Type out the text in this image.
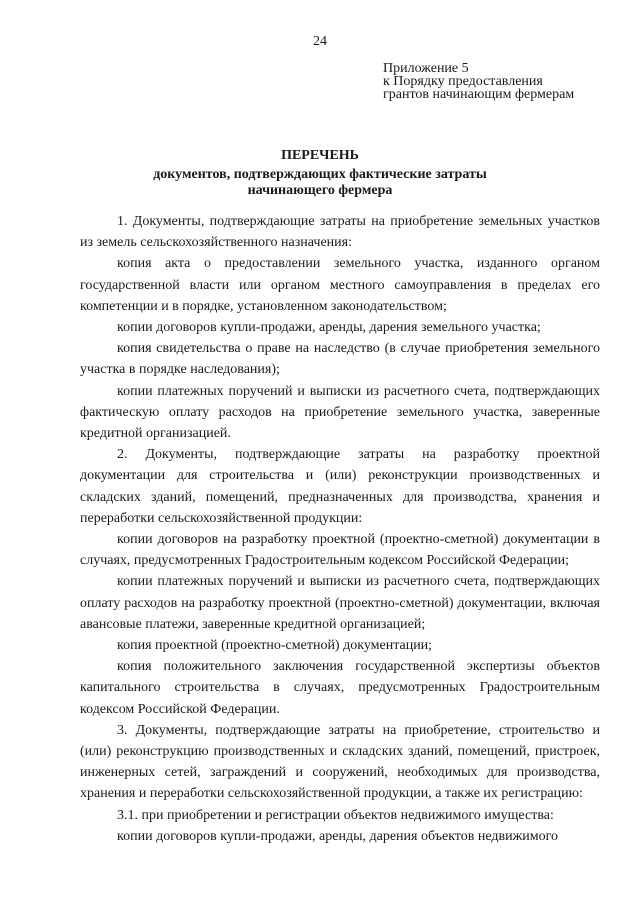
24
Приложение 5
к Порядку предоставления
грантов начинающим фермерам
ПЕРЕЧЕНЬ
документов, подтверждающих фактические затраты
начинающего фермера

1. Документы, подтверждающие затраты на приобретение земельных участков из земель сельскохозяйственного назначения:

копия акта о предоставлении земельного участка, изданного органом государственной власти или органом местного самоуправления в пределах его компетенции и в порядке, установленном законодательством;

копии договоров купли-продажи, аренды, дарения земельного участка;

копия свидетельства о праве на наследство (в случае приобретения земельного участка в порядке наследования);

копии платежных поручений и выписки из расчетного счета, подтверждающих фактическую оплату расходов на приобретение земельного участка, заверенные кредитной организацией.

2. Документы, подтверждающие затраты на разработку проектной документации для строительства и (или) реконструкции производственных и складских зданий, помещений, предназначенных для производства, хранения и переработки сельскохозяйственной продукции:

копии договоров на разработку проектной (проектно-сметной) документации в случаях, предусмотренных Градостроительным кодексом Российской Федерации;

копии платежных поручений и выписки из расчетного счета, подтверждающих оплату расходов на разработку проектной (проектно-сметной) документации, включая авансовые платежи, заверенные кредитной организацией;

копия проектной (проектно-сметной) документации;

копия положительного заключения государственной экспертизы объектов капитального строительства в случаях, предусмотренных Градостроительным кодексом Российской Федерации.

3. Документы, подтверждающие затраты на приобретение, строительство и (или) реконструкцию производственных и складских зданий, помещений, пристроек, инженерных сетей, заграждений и сооружений, необходимых для производства, хранения и переработки сельскохозяйственной продукции, а также их регистрацию:

3.1. при приобретении и регистрации объектов недвижимого имущества:

копии договоров купли-продажи, аренды, дарения объектов недвижимого
